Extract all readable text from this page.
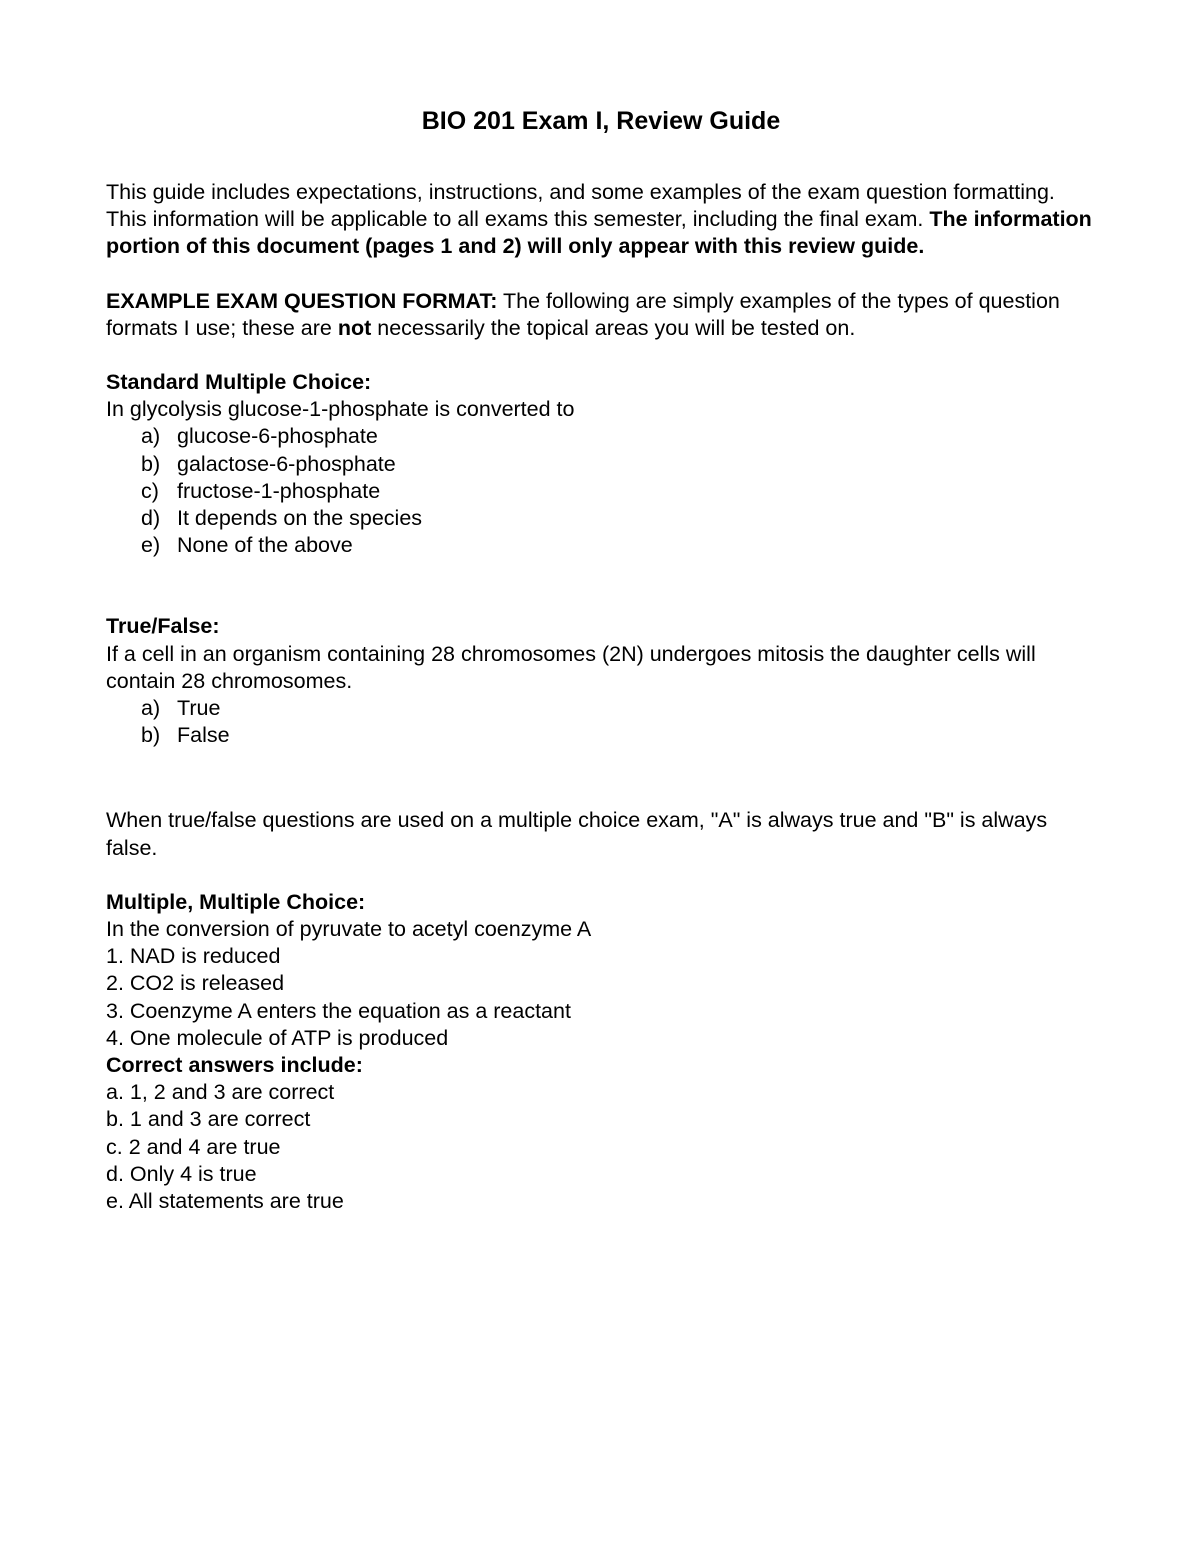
BIO 201 Exam I, Review Guide

This guide includes expectations, instructions, and some examples of the exam question formatting. This information will be applicable to all exams this semester, including the final exam. The information portion of this document (pages 1 and 2) will only appear with this review guide.

EXAMPLE EXAM QUESTION FORMAT: The following are simply examples of the types of question formats I use; these are not necessarily the topical areas you will be tested on.

Standard Multiple Choice:
In glycolysis glucose-1-phosphate is converted to
a) glucose-6-phosphate
b) galactose-6-phosphate
c) fructose-1-phosphate
d) It depends on the species
e) None of the above
True/False:
If a cell in an organism containing 28 chromosomes (2N) undergoes mitosis the daughter cells will contain 28 chromosomes.
a) True
b) False

When true/false questions are used on a multiple choice exam, "A" is always true and "B" is always false.

Multiple, Multiple Choice:
In the conversion of pyruvate to acetyl coenzyme A
1. NAD is reduced
2. CO2 is released
3. Coenzyme A enters the equation as a reactant
4. One molecule of ATP is produced
Correct answers include:
a. 1, 2 and 3 are correct
b. 1 and 3 are correct
c. 2 and 4 are true
d. Only 4 is true
e. All statements are true
